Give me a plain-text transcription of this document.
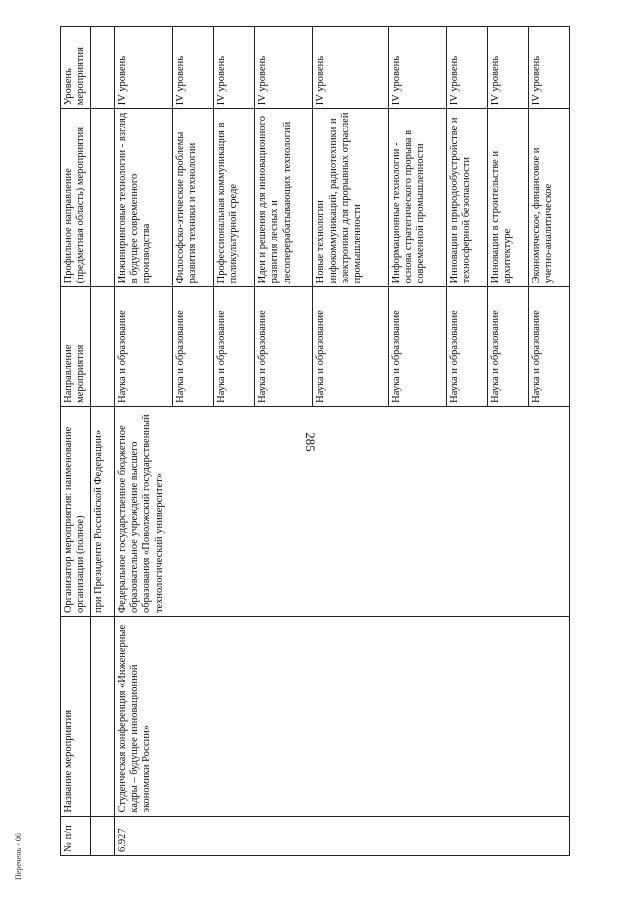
285
Перечень - 06	№ п/п	Название мероприятия	Организатор мероприятия: наименование организации (полное)	Направление мероприятия	Профильное направление (предметная область) мероприятия	Уровень мероприятия
		при Президенте Российской Федерации»			
6.927	Студенческая конференция «Инженерные кадры – будущее инновационной экономики России»	Федеральное государственное бюджетное образовательное учреждение высшего образования «Поволжский государственный технологический университет»	Наука и образование	Инжиниринговые технологии - взгляд в будущее современного производства	IV уровень
			Наука и образование	Философско-этические проблемы развития техники и технологии	IV уровень
			Наука и образование	Профессиональная коммуникация в поликультурной среде	IV уровень
			Наука и образование	Идеи и решения для инновационного развития лесных и лесоперерабатывающих технологий	IV уровень
			Наука и образование	Новые технологии инфокоммуникаций, радиотехники и электроники для прорывных отраслей промышленности	IV уровень
			Наука и образование	Информационные технологии - основа стратегического прорыва в современной промышленности	IV уровень
			Наука и образование	Инновации в природообустройстве и техносферной безопасности	IV уровень
			Наука и образование	Инновации в строительстве и архитектуре	IV уровень
			Наука и образование	Экономическое, финансовое и учетно-аналитическое	IV уровень
